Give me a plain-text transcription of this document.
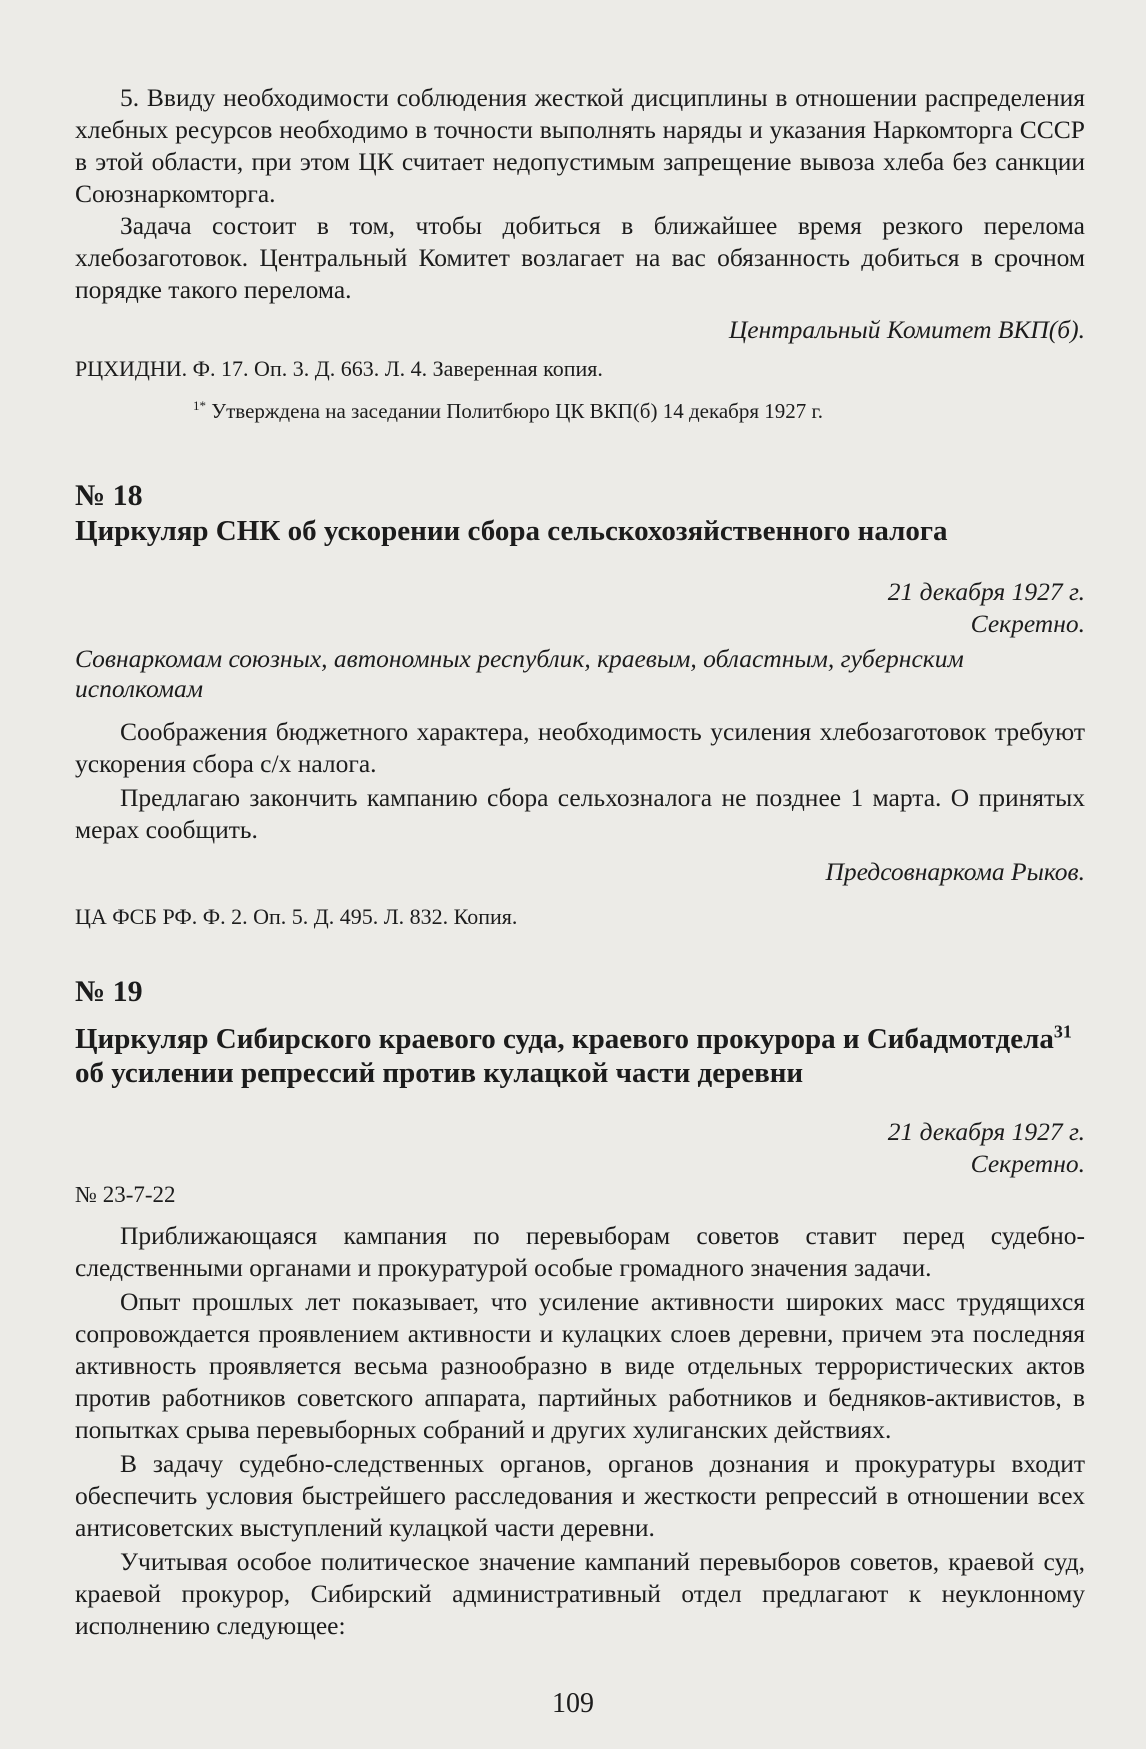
5. Ввиду необходимости соблюдения жесткой дисциплины в отношении распределения хлебных ресурсов необходимо в точности выполнять наряды и указания Наркомторга СССР в этой области, при этом ЦК считает недопустимым запрещение вывоза хлеба без санкции Союзнаркомторга.

Задача состоит в том, чтобы добиться в ближайшее время резкого перелома хлебозаготовок. Центральный Комитет возлагает на вас обязанность добиться в срочном порядке такого перелома.

Центральный Комитет ВКП(б).

РЦХИДНИ. Ф. 17. Оп. 3. Д. 663. Л. 4. Заверенная копия.

$^{1*}$ Утверждена на заседании Политбюро ЦК ВКП(б) 14 декабря 1927 г.

№ 18

Циркуляр СНК об ускорении сбора сельскохозяйственного налога

21 декабря 1927 г.

Секретно.

Совнаркомам союзных, автономных республик, краевым, областным, губернским исполкомам

Соображения бюджетного характера, необходимость усиления хлебозаготовок требуют ускорения сбора с/х налога.

Предлагаю закончить кампанию сбора сельхозналога не позднее 1 марта. О принятых мерах сообщить.

Предсовнаркома Рыков.

ЦА ФСБ РФ. Ф. 2. Оп. 5. Д. 495. Л. 832. Копия.

№ 19

Циркуляр Сибирского краевого суда, краевого прокурора и Сибадмотдела$^{31}$ об усилении репрессий против кулацкой части деревни

21 декабря 1927 г.

Секретно.

№ 23-7-22

Приближающаяся кампания по перевыборам советов ставит перед судебно-следственными органами и прокуратурой особые громадного значения задачи.

Опыт прошлых лет показывает, что усиление активности широких масс трудящихся сопровождается проявлением активности и кулацких слоев деревни, причем эта последняя активность проявляется весьма разнообразно в виде отдельных террористических актов против работников советского аппарата, партийных работников и бедняков-активистов, в попытках срыва перевыборных собраний и других хулиганских действиях.

В задачу судебно-следственных органов, органов дознания и прокуратуры входит обеспечить условия быстрейшего расследования и жесткости репрессий в отношении всех антисоветских выступлений кулацкой части деревни.

Учитывая особое политическое значение кампаний перевыборов советов, краевой суд, краевой прокурор, Сибирский административный отдел предлагают к неуклонному исполнению следующее:

109
